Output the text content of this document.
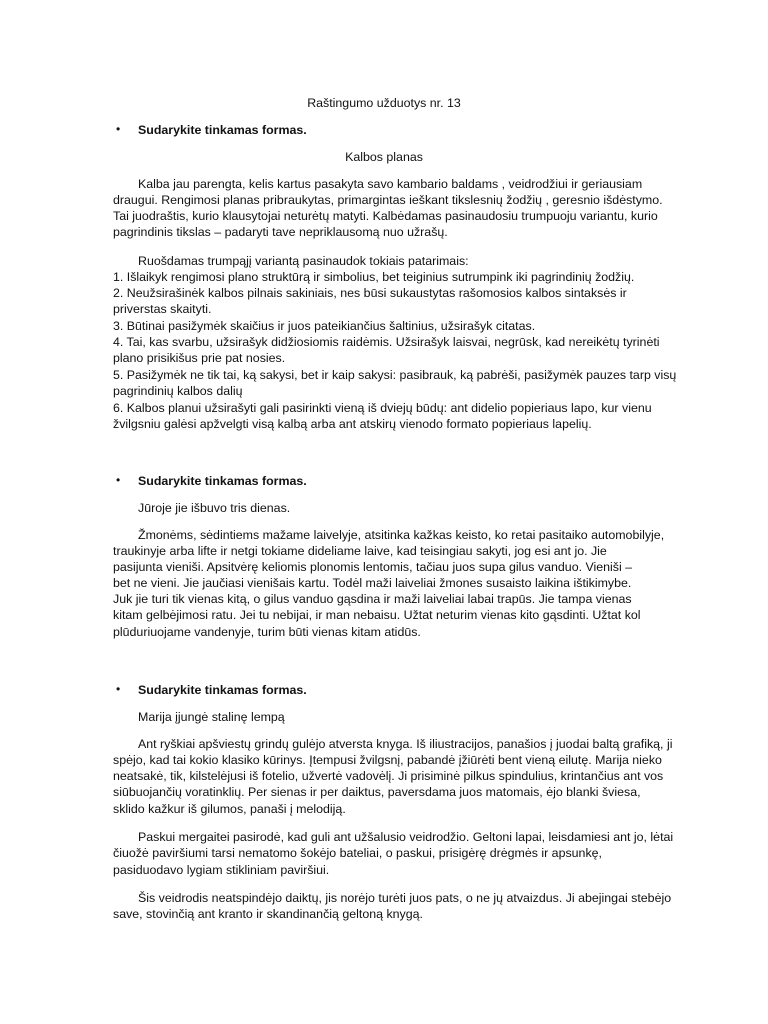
Raštingumo užduotys nr. 13
• Sudarykite tinkamas formas.
Kalbos planas
Kalba jau parengta, kelis kartus pasakyta savo kambario baldams , veidrodžiui ir geriausiam
draugui. Rengimosi planas pribraukytas, primargintas ieškant tikslesnių žodžių , geresnio išdėstymo.
Tai juodraštis, kurio klausytojai neturėtų matyti. Kalbėdamas pasinaudosiu trumpuoju variantu, kurio
pagrindinis tikslas – padaryti tave nepriklausomą nuo užrašų.
Ruošdamas trumpąjį variantą pasinaudok tokiais patarimais:
1. Išlaikyk rengimosi plano struktūrą ir simbolius, bet teiginius sutrumpink iki pagrindinių žodžių.
2. Neužsirašinėk kalbos pilnais sakiniais, nes būsi sukaustytas rašomosios kalbos sintaksės ir
priverstas skaityti.
3. Būtinai pasižymėk skaičius ir juos pateikiančius šaltinius, užsirašyk citatas.
4. Tai, kas svarbu, užsirašyk didžiosiomis raidėmis. Užsirašyk laisvai, negrūsk, kad nereikėtų tyrinėti
plano prisikišus prie pat nosies.
5. Pasižymėk ne tik tai, ką sakysi, bet ir kaip sakysi: pasibrauk, ką pabrėši, pasižymėk pauzes tarp visų
pagrindinių kalbos dalių
6. Kalbos planui užsirašyti gali pasirinkti vieną iš dviejų būdų: ant didelio popieriaus lapo, kur vienu
žvilgsniu galėsi apžvelgti visą kalbą arba ant atskirų vienodo formato popieriaus lapelių.
• Sudarykite tinkamas formas.
Jūroje jie išbuvo tris dienas.
Žmonėms, sėdintiems mažame laivelyje, atsitinka kažkas keisto, ko retai pasitaiko automobilyje,
traukinyje arba lifte ir netgi tokiame dideliame laive, kad teisingiau sakyti, jog esi ant jo. Jie
pasijunta vieniši. Apsitvėrę keliomis plonomis lentomis, tačiau juos supa gilus vanduo. Vieniši –
bet ne vieni. Jie jaučiasi vienišais kartu. Todėl maži laiveliai žmones susaisto laikina ištikimybe.
Juk jie turi tik vienas kitą, o gilus vanduo gąsdina ir maži laiveliai labai trapūs. Jie tampa vienas
kitam gelbėjimosi ratu. Jei tu nebijai, ir man nebaisu. Užtat neturim vienas kito gąsdinti. Užtat kol
plūduriuojame vandenyje, turim būti vienas kitam atidūs.
• Sudarykite tinkamas formas.
Marija įjungė stalinę lempą
Ant ryškiai apšviestų grindų gulėjo atversta knyga. Iš iliustracijos, panašios į juodai baltą grafiką, ji
spėjo, kad tai kokio klasiko kūrinys. Įtempusi žvilgsnį, pabandė įžiūrėti bent vieną eilutę. Marija nieko
neatsakė, tik, kilstelėjusi iš fotelio, užvertė vadovėlį. Ji prisiminė pilkus spindulius, krintančius ant vos
siūbuojančių voratinklių. Per sienas ir per daiktus, paversdama juos matomais, ėjo blanki šviesa,
sklido kažkur iš gilumos, panaši į melodiją.
Paskui mergaitei pasirodė, kad guli ant užšalusio veidrodžio. Geltoni lapai, leisdamiesi ant jo, lėtai
čiuožė paviršiumi tarsi nematomo šokėjo bateliai, o paskui, prisigėrę drėgmės ir apsunkę,
pasiduodavo lygiam stikliniam paviršiui.
Šis veidrodis neatspindėjo daiktų, jis norėjo turėti juos pats, o ne jų atvaizdus. Ji abejingai stebėjo
save, stovinčią ant kranto ir skandinančią geltoną knygą.
